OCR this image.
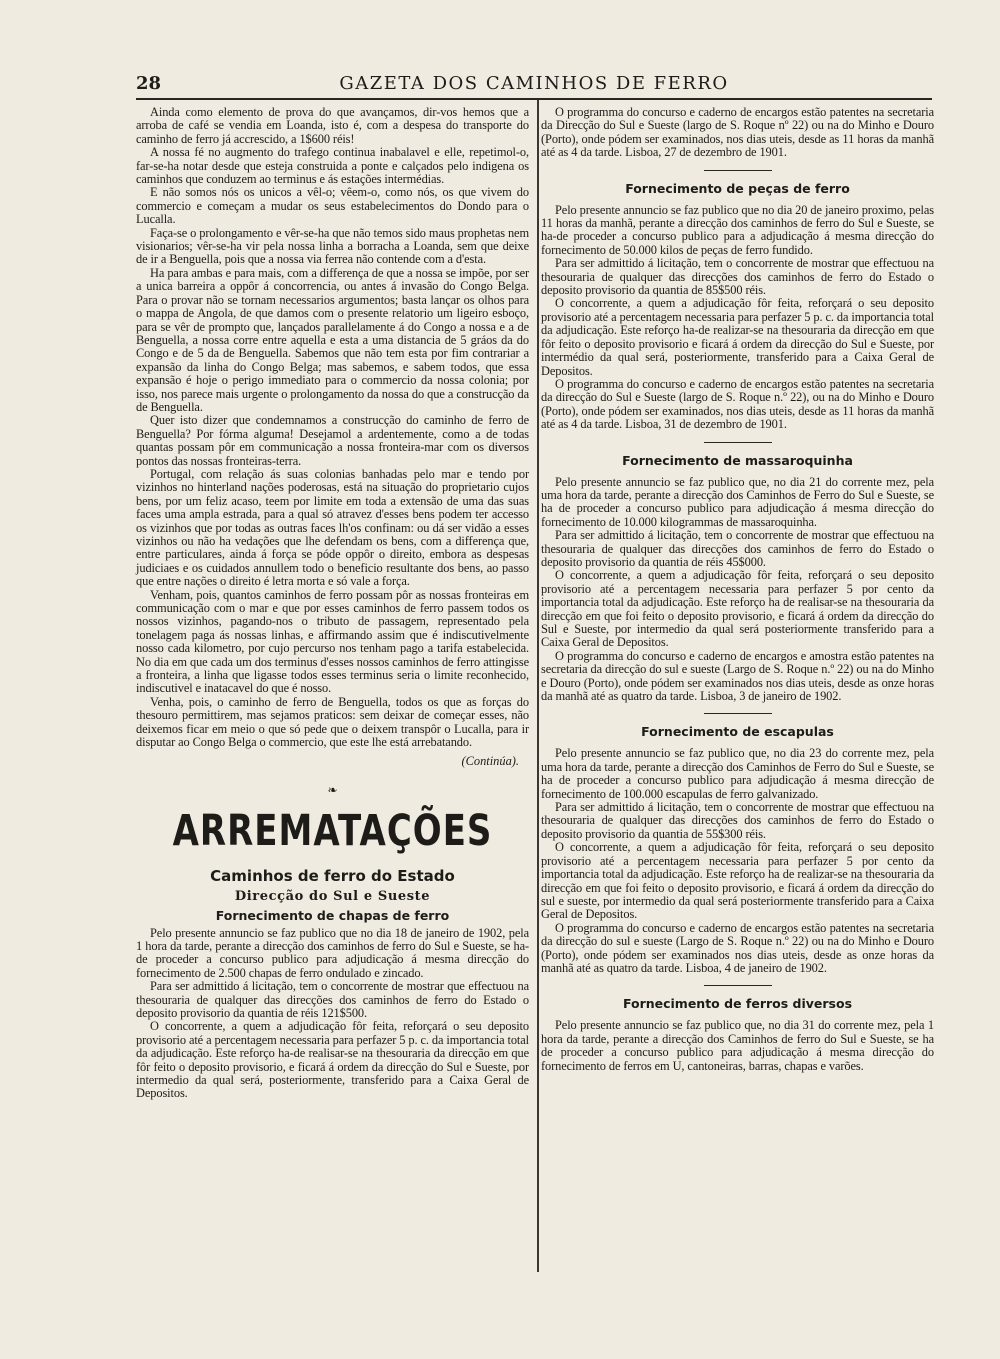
28	GAZETA DOS CAMINHOS DE FERRO

Ainda como elemento de prova do que avançamos, dir-vos hemos que a arroba de café se vendia em Loanda, isto é, com a despesa do transporte do caminho de ferro já accrescido, a 1$600 réis!

A nossa fé no augmento do trafego continua inabalavel e elle, repetimol-o, far-se-ha notar desde que esteja construida a ponte e calçados pelo indigena os caminhos que conduzem ao terminus e ás estações intermédias.

E não somos nós os unicos a vêl-o; vêem-o, como nós, os que vivem do commercio e começam a mudar os seus estabelecimentos do Dondo para o Lucalla.

Faça-se o prolongamento e vêr-se-ha que não temos sido maus prophetas nem visionarios; vêr-se-ha vir pela nossa linha a borracha a Loanda, sem que deixe de ir a Benguella, pois que a nossa via ferrea não contende com a d'esta.

Ha para ambas e para mais, com a differença de que a nossa se impõe, por ser a unica barreira a oppôr á concorrencia, ou antes á invasão do Congo Belga. Para o provar não se tornam necessarios argumentos; basta lançar os olhos para o mappa de Angola, de que damos com o presente relatorio um ligeiro esboço, para se vêr de prompto que, lançados parallelamente á do Congo a nossa e a de Benguella, a nossa corre entre aquella e esta a uma distancia de 5 gráos da do Congo e de 5 da de Benguella. Sabemos que não tem esta por fim contrariar a expansão da linha do Congo Belga; mas sabemos, e sabem todos, que essa expansão é hoje o perigo immediato para o commercio da nossa colonia; por isso, nos parece mais urgente o prolongamento da nossa do que a construcção da de Benguella.

Quer isto dizer que condemnamos a construcção do caminho de ferro de Benguella? Por fórma alguma! Desejamol a ardentemente, como a de todas quantas possam pôr em communicação a nossa fronteira-mar com os diversos pontos das nossas fronteiras-terra.

Portugal, com relação ás suas colonias banhadas pelo mar e tendo por vizinhos no hinterland nações poderosas, está na situação do proprietario cujos bens, por um feliz acaso, teem por limite em toda a extensão de uma das suas faces uma ampla estrada, para a qual só atravez d'esses bens podem ter accesso os vizinhos que por todas as outras faces lh'os confinam: ou dá ser vidão a esses vizinhos ou não ha vedações que lhe defendam os bens, com a differença que, entre particulares, ainda á força se póde oppôr o direito, embora as despesas judiciaes e os cuidados annullem todo o beneficio resultante dos bens, ao passo que entre nações o direito é letra morta e só vale a força.

Venham, pois, quantos caminhos de ferro possam pôr as nossas fronteiras em communicação com o mar e que por esses caminhos de ferro passem todos os nossos vizinhos, pagando-nos o tributo de passagem, representado pela tonelagem paga ás nossas linhas, e affirmando assim que é indiscutivelmente nosso cada kilometro, por cujo percurso nos tenham pago a tarifa estabelecida. No dia em que cada um dos terminus d'esses nossos caminhos de ferro attingisse a fronteira, a linha que ligasse todos esses terminus seria o limite reconhecido, indiscutivel e inatacavel do que é nosso.

Venha, pois, o caminho de ferro de Benguella, todos os que as forças do thesouro permittirem, mas sejamos praticos: sem deixar de começar esses, não deixemos ficar em meio o que só pede que o deixem transpôr o Lucalla, para ir disputar ao Congo Belga o commercio, que este lhe está arrebatando.

(Continúa).
❧
ARREMATAÇÕES
Caminhos de ferro do Estado
Direcção do Sul e Sueste
Fornecimento de chapas de ferro

Pelo presente annuncio se faz publico que no dia 18 de janeiro de 1902, pela 1 hora da tarde, perante a direcção dos caminhos de ferro do Sul e Sueste, se ha-de proceder a concurso publico para adjudicação á mesma direcção do fornecimento de 2.500 chapas de ferro ondulado e zincado.

Para ser admittido á licitação, tem o concorrente de mostrar que effectuou na thesouraria de qualquer das direcções dos caminhos de ferro do Estado o deposito provisorio da quantia de réis 121$500.

O concorrente, a quem a adjudicação fôr feita, reforçará o seu deposito provisorio até a percentagem necessaria para perfazer 5 p. c. da importancia total da adjudicação. Este reforço ha-de realisar-se na thesouraria da direcção em que fôr feito o deposito provisorio, e ficará á ordem da direcção do Sul e Sueste, por intermedio da qual será, posteriormente, transferido para a Caixa Geral de Depositos.

O programma do concurso e caderno de encargos estão patentes na secretaria da Direcção do Sul e Sueste (largo de S. Roque nº 22) ou na do Minho e Douro (Porto), onde pódem ser examinados, nos dias uteis, desde as 11 horas da manhã até as 4 da tarde. Lisboa, 27 de dezembro de 1901.

Fornecimento de peças de ferro

Pelo presente annuncio se faz publico que no dia 20 de janeiro proximo, pelas 11 horas da manhã, perante a direcção dos caminhos de ferro do Sul e Sueste, se ha-de proceder a concurso publico para a adjudicação á mesma direcção do fornecimento de 50.000 kilos de peças de ferro fundido.

Para ser admittido á licitação, tem o concorrente de mostrar que effectuou na thesouraria de qualquer das direcções dos caminhos de ferro do Estado o deposito provisorio da quantia de 85$500 réis.

O concorrente, a quem a adjudicação fôr feita, reforçará o seu deposito provisorio até a percentagem necessaria para perfazer 5 p. c. da importancia total da adjudicação. Este reforço ha-de realizar-se na thesouraria da direcção em que fôr feito o deposito provisorio e ficará á ordem da direcção do Sul e Sueste, por intermédio da qual será, posteriormente, transferido para a Caixa Geral de Depositos.

O programma do concurso e caderno de encargos estão patentes na secretaria da direcção do Sul e Sueste (largo de S. Roque n.º 22), ou na do Minho e Douro (Porto), onde pódem ser examinados, nos dias uteis, desde as 11 horas da manhã até as 4 da tarde. Lisboa, 31 de dezembro de 1901.

Fornecimento de massaroquinha

Pelo presente annuncio se faz publico que, no dia 21 do corrente mez, pela uma hora da tarde, perante a direcção dos Caminhos de Ferro do Sul e Sueste, se ha de proceder a concurso publico para adjudicação á mesma direcção do fornecimento de 10.000 kilogrammas de massaroquinha.

Para ser admittido á licitação, tem o concorrente de mostrar que effectuou na thesouraria de qualquer das direcções dos caminhos de ferro do Estado o deposito provisorio da quantia de réis 45$000.

O concorrente, a quem a adjudicação fôr feita, reforçará o seu deposito provisorio até a percentagem necessaria para perfazer 5 por cento da importancia total da adjudicação. Este reforço ha de realisar-se na thesouraria da direcção em que foi feito o deposito provisorio, e ficará á ordem da direcção do Sul e Sueste, por intermedio da qual será posteriormente transferido para a Caixa Geral de Depositos.

O programma do concurso e caderno de encargos e amostra estão patentes na secretaria da direcção do sul e sueste (Largo de S. Roque n.º 22) ou na do Minho e Douro (Porto), onde pódem ser examinados nos dias uteis, desde as onze horas da manhã até as quatro da tarde. Lisboa, 3 de janeiro de 1902.

Fornecimento de escapulas

Pelo presente annuncio se faz publico que, no dia 23 do corrente mez, pela uma hora da tarde, perante a direcção dos Caminhos de Ferro do Sul e Sueste, se ha de proceder a concurso publico para adjudicação á mesma direcção de fornecimento de 100.000 escapulas de ferro galvanizado.

Para ser admittido á licitação, tem o concorrente de mostrar que effectuou na thesouraria de qualquer das direcções dos caminhos de ferro do Estado o deposito provisorio da quantia de 55$300 réis.

O concorrente, a quem a adjudicação fôr feita, reforçará o seu deposito provisorio até a percentagem necessaria para perfazer 5 por cento da importancia total da adjudicação. Este reforço ha de realizar-se na thesouraria da direcção em que foi feito o deposito provisorio, e ficará á ordem da direcção do sul e sueste, por intermedio da qual será posteriormente transferido para a Caixa Geral de Depositos.

O programma do concurso e caderno de encargos estão patentes na secretaria da direcção do sul e sueste (Largo de S. Roque n.º 22) ou na do Minho e Douro (Porto), onde pódem ser examinados nos dias uteis, desde as onze horas da manhã até as quatro da tarde. Lisboa, 4 de janeiro de 1902.

Fornecimento de ferros diversos

Pelo presente annuncio se faz publico que, no dia 31 do corrente mez, pela 1 hora da tarde, perante a direcção dos Caminhos de ferro do Sul e Sueste, se ha de proceder a concurso publico para adjudicação á mesma direcção do fornecimento de ferros em U, cantoneiras, barras, chapas e varões.
